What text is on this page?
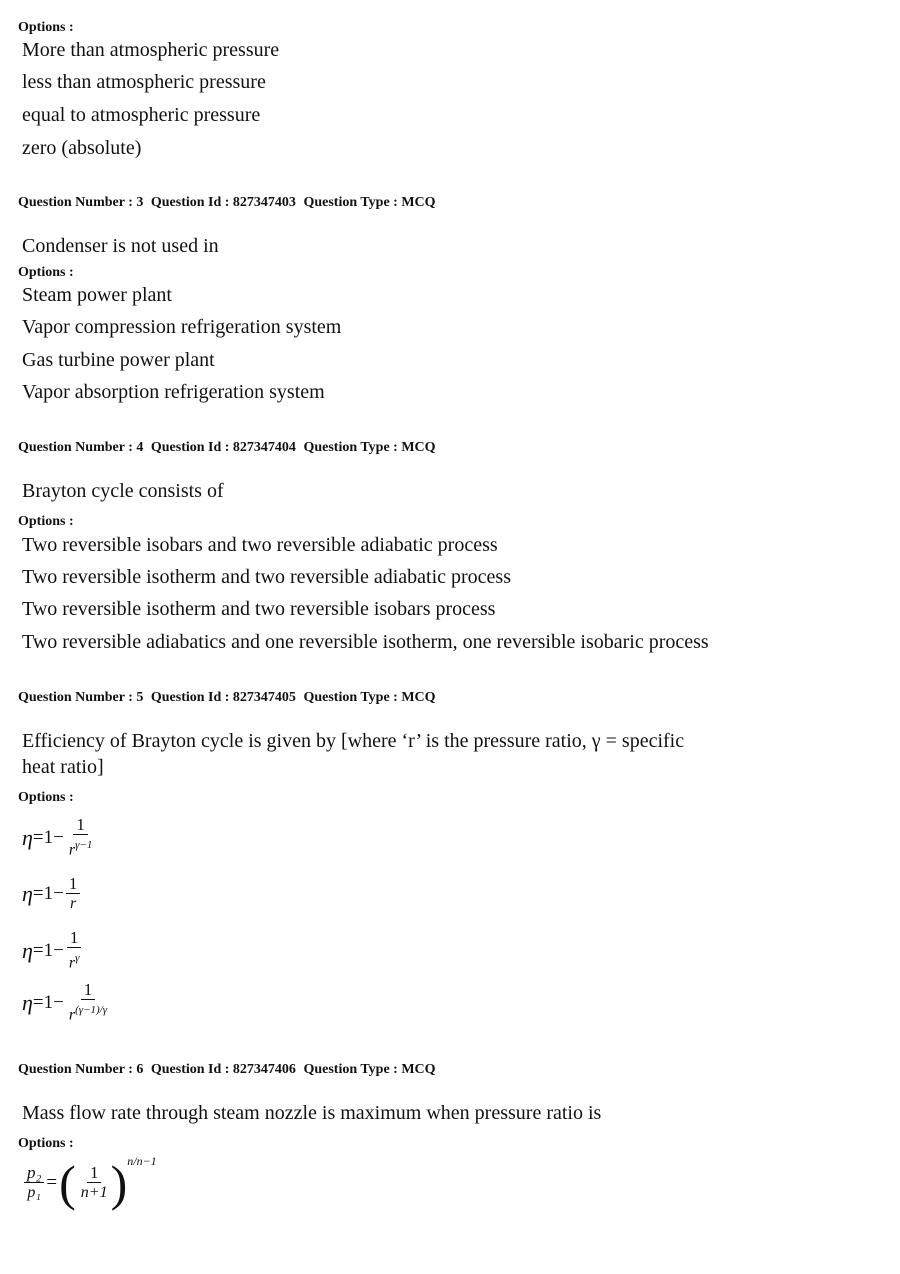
Options :
More than atmospheric pressure
less than atmospheric pressure
equal to atmospheric pressure
zero (absolute)
Question Number : 3 Question Id : 827347403 Question Type : MCQ
Condenser is not used in
Options :
Steam power plant
Vapor compression refrigeration system
Gas turbine power plant
Vapor absorption refrigeration system
Question Number : 4 Question Id : 827347404 Question Type : MCQ
Brayton cycle consists of
Options :
Two reversible isobars and two reversible adiabatic process
Two reversible isotherm and two reversible adiabatic process
Two reversible isotherm and two reversible isobars process
Two reversible adiabatics and one reversible isotherm, one reversible isobaric process
Question Number : 5 Question Id : 827347405 Question Type : MCQ
Efficiency of Brayton cycle is given by [where ‘r’ is the pressure ratio, γ = specific
heat ratio]
Options :
$\eta =1- \frac{1}{r^{\gamma-1}}$
$\eta =1- \frac{1}{r}$
$\eta =1- \frac{1}{r^\gamma}$
$\eta =1- \frac{1}{r^{(\gamma-1)/\gamma}}$
Question Number : 6 Question Id : 827347406 Question Type : MCQ
Mass flow rate through steam nozzle is maximum when pressure ratio is
Options :
$\frac{\text{p₂}}{\text{p₁}}$ = ( $\frac{1}{n+1}$ ) n/n−1
